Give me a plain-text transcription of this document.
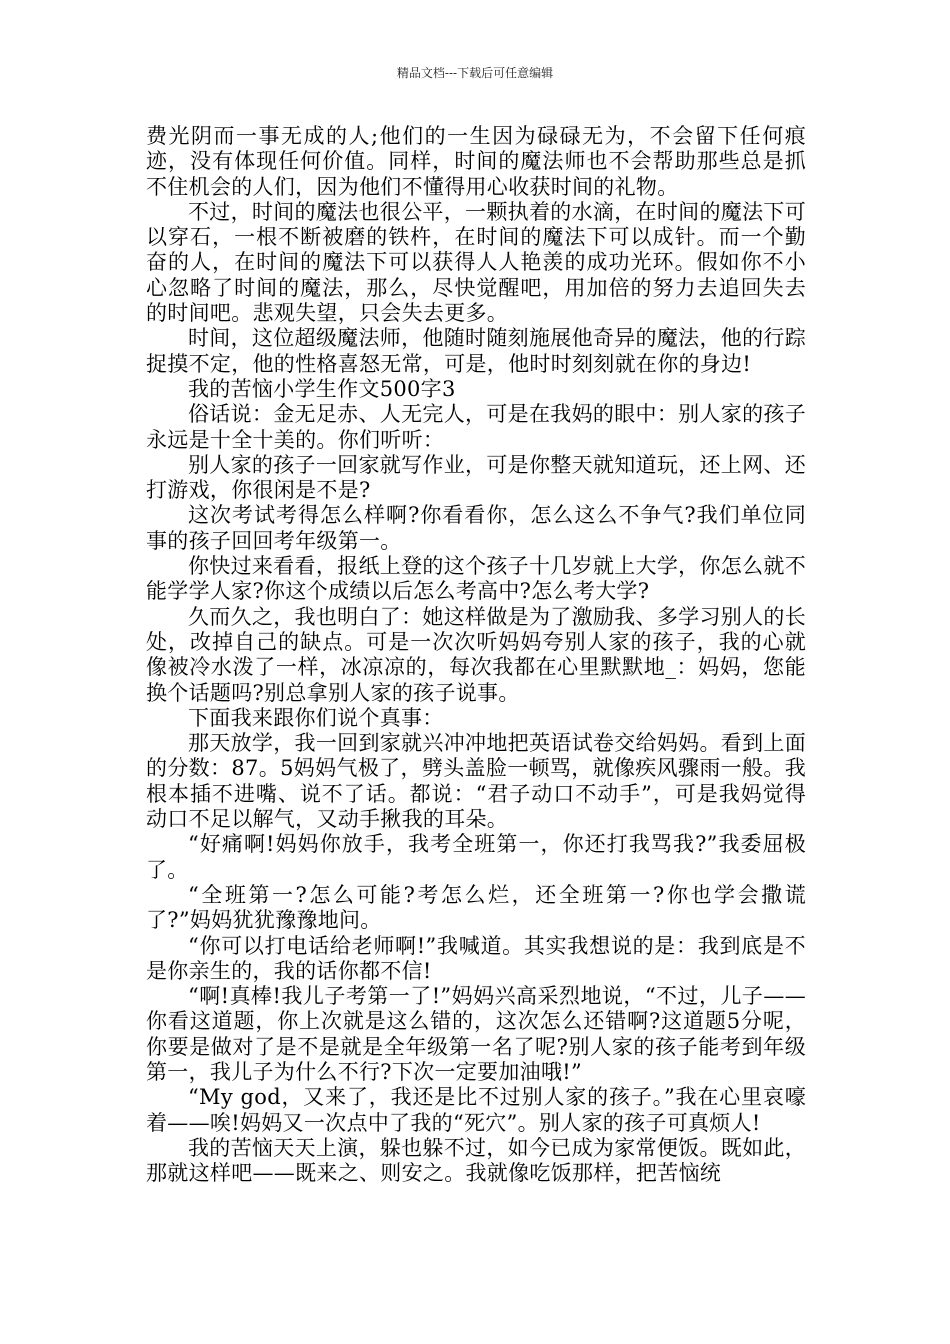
精品文档---下载后可任意编辑

费光阴而一事无成的人;他们的一生因为碌碌无为，不会留下任何痕迹，没有体现任何价值。同样，时间的魔法师也不会帮助那些总是抓不住机会的人们，因为他们不懂得用心收获时间的礼物。

不过，时间的魔法也很公平，一颗执着的水滴，在时间的魔法下可以穿石，一根不断被磨的铁杵，在时间的魔法下可以成针。而一个勤奋的人，在时间的魔法下可以获得人人艳羡的成功光环。假如你不小心忽略了时间的魔法，那么，尽快觉醒吧，用加倍的努力去追回失去的时间吧。悲观失望，只会失去更多。

时间，这位超级魔法师，他随时随刻施展他奇异的魔法，他的行踪捉摸不定，他的性格喜怒无常，可是，他时时刻刻就在你的身边!

我的苦恼小学生作文500字3

俗话说：金无足赤、人无完人，可是在我妈的眼中：别人家的孩子永远是十全十美的。你们听听：

别人家的孩子一回家就写作业，可是你整天就知道玩，还上网、还打游戏，你很闲是不是?

这次考试考得怎么样啊?你看看你，怎么这么不争气?我们单位同事的孩子回回考年级第一。

你快过来看看，报纸上登的这个孩子十几岁就上大学，你怎么就不能学学人家?你这个成绩以后怎么考高中?怎么考大学?

久而久之，我也明白了：她这样做是为了激励我、多学习别人的长处，改掉自己的缺点。可是一次次听妈妈夸别人家的孩子，我的心就像被冷水泼了一样，冰凉凉的，每次我都在心里默默地_：妈妈，您能换个话题吗?别总拿别人家的孩子说事。

下面我来跟你们说个真事：

那天放学，我一回到家就兴冲冲地把英语试卷交给妈妈。看到上面的分数：87。5妈妈气极了，劈头盖脸一顿骂，就像疾风骤雨一般。我根本插不进嘴、说不了话。都说：“君子动口不动手”，可是我妈觉得动口不足以解气，又动手揪我的耳朵。

“好痛啊!妈妈你放手，我考全班第一，你还打我骂我?”我委屈极了。

“全班第一?怎么可能?考怎么烂，还全班第一?你也学会撒谎了?”妈妈犹犹豫豫地问。

“你可以打电话给老师啊!”我喊道。其实我想说的是：我到底是不是你亲生的，我的话你都不信!

“啊!真棒!我儿子考第一了!”妈妈兴高采烈地说，“不过，儿子——你看这道题，你上次就是这么错的，这次怎么还错啊?这道题5分呢，你要是做对了是不是就是全年级第一名了呢?别人家的孩子能考到年级第一，我儿子为什么不行?下次一定要加油哦!”

“My god，又来了，我还是比不过别人家的孩子。”我在心里哀嚎着——唉!妈妈又一次点中了我的“死穴”。别人家的孩子可真烦人!

我的苦恼天天上演，躲也躲不过，如今已成为家常便饭。既如此，那就这样吧——既来之、则安之。我就像吃饭那样，把苦恼统
